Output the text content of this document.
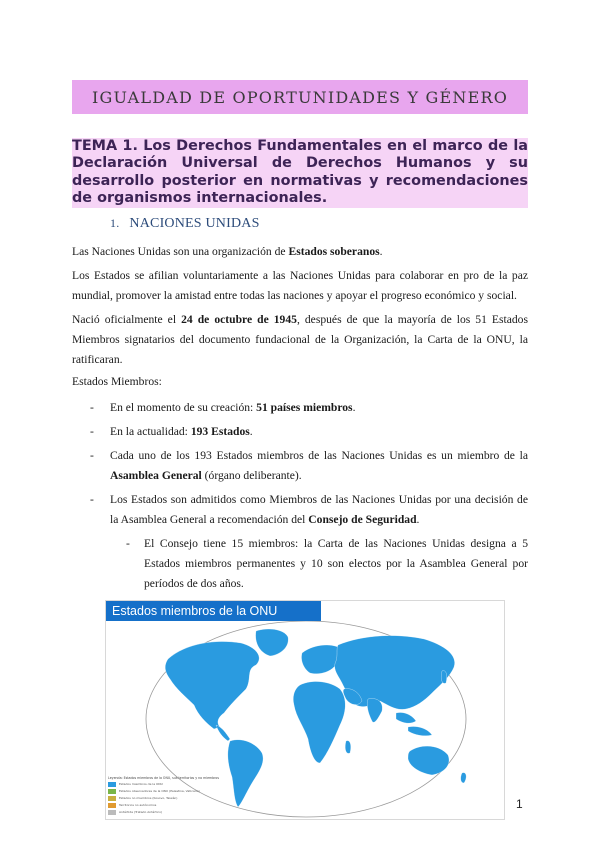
IGUALDAD DE OPORTUNIDADES Y GÉNERO

TEMA 1. Los Derechos Fundamentales en el marco de la Declaración Universal de Derechos Humanos y su desarrollo posterior en normativas y recomendaciones de organismos internacionales.

1. NACIONES UNIDAS
Las Naciones Unidas son una organización de Estados soberanos.
Los Estados se afilian voluntariamente a las Naciones Unidas para colaborar en pro de la paz mundial, promover la amistad entre todas las naciones y apoyar el progreso económico y social.
Nació oficialmente el 24 de octubre de 1945, después de que la mayoría de los 51 Estados Miembros signatarios del documento fundacional de la Organización, la Carta de la ONU, la ratificaran.
Estados Miembros:
-	En el momento de su creación: 51 países miembros.
-	En la actualidad: 193 Estados.
-	Cada uno de los 193 Estados miembros de las Naciones Unidas es un miembro de la Asamblea General (órgano deliberante).
-	Los Estados son admitidos como Miembros de las Naciones Unidas por una decisión de la Asamblea General a recomendación del Consejo de Seguridad.
-	El Consejo tiene 15 miembros: la Carta de las Naciones Unidas designa a 5 Estados miembros permanentes y 10 son electos por la Asamblea General por períodos de dos años.
Estados miembros de la ONU
Leyenda: Estados miembros de la ONU, sus territorios y no miembros
Estados miembros de la ONU
Estados observadores de la ONU (Palestina, Vaticano)
Estados no miembros (Kosovo, Taiwán)
Territorios no autónomos
Antártida (Tratado Antártico)
1
